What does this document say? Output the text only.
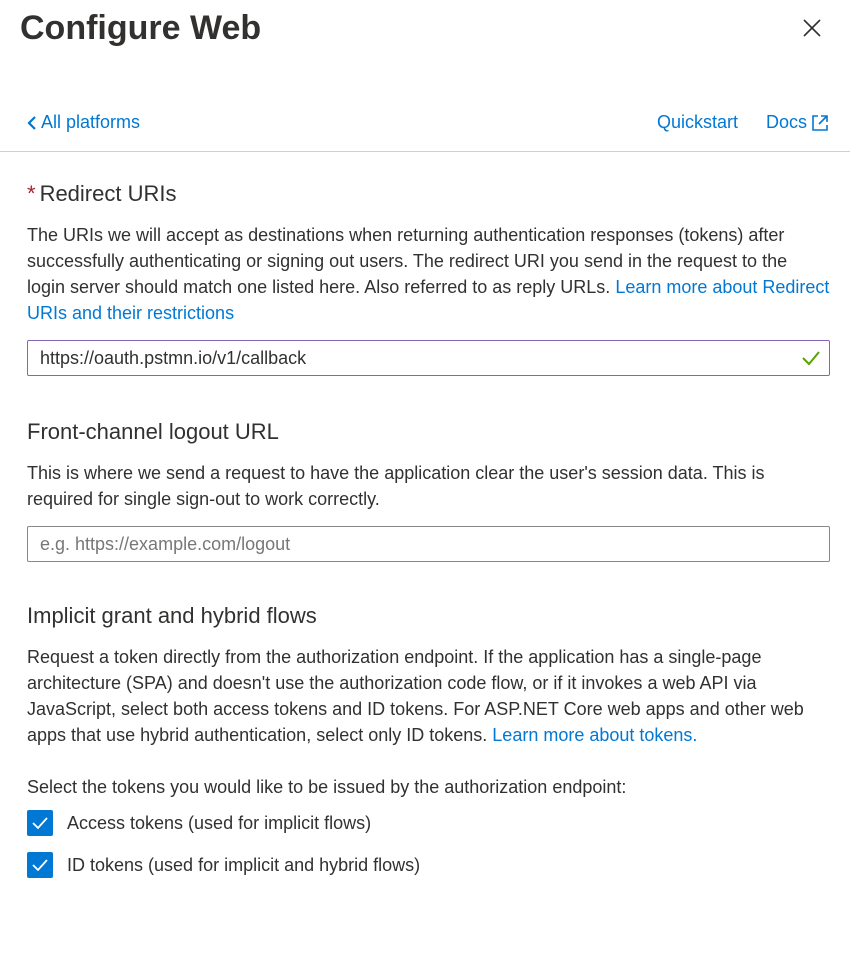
Configure Web
All platforms	Quickstart Docs
* Redirect URIs

The URIs we will accept as destinations when returning authentication responses (tokens) after successfully authenticating or signing out users. The redirect URI you send in the request to the login server should match one listed here. Also referred to as reply URLs. Learn more about Redirect URIs and their restrictions

https://oauth.pstmn.io/v1/callback
Front-channel logout URL

This is where we send a request to have the application clear the user's session data. This is required for single sign-out to work correctly.

e.g. https://example.com/logout
Implicit grant and hybrid flows

Request a token directly from the authorization endpoint. If the application has a single-page architecture (SPA) and doesn't use the authorization code flow, or if it invokes a web API via JavaScript, select both access tokens and ID tokens. For ASP.NET Core web apps and other web apps that use hybrid authentication, select only ID tokens. Learn more about tokens.

Select the tokens you would like to be issued by the authorization endpoint:

Access tokens (used for implicit flows)
ID tokens (used for implicit and hybrid flows)
